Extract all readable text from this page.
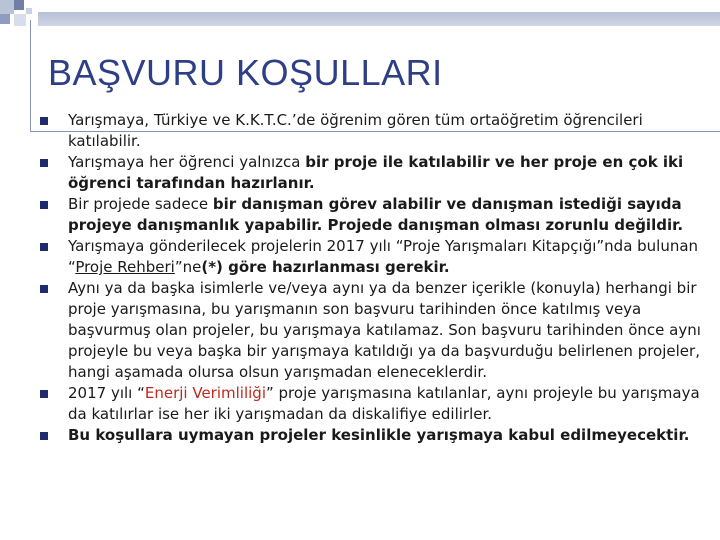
BAŞVURU KOŞULLARI
Yarışmaya, Türkiye ve K.K.T.C.’de öğrenim gören tüm ortaöğretim öğrencileri katılabilir.
Yarışmaya her öğrenci yalnızca bir proje ile katılabilir ve her proje en çok iki öğrenci tarafından hazırlanır.
Bir projede sadece bir danışman görev alabilir ve danışman istediği sayıda projeye danışmanlık yapabilir. Projede danışman olması zorunlu değildir.
Yarışmaya gönderilecek projelerin 2017 yılı “Proje Yarışmaları Kitapçığı”nda bulunan “Proje Rehberi”ne(*) göre hazırlanması gerekir.
Aynı ya da başka isimlerle ve/veya aynı ya da benzer içerikle (konuyla) herhangi bir proje yarışmasına, bu yarışmanın son başvuru tarihinden önce katılmış veya başvurmuş olan projeler, bu yarışmaya katılamaz. Son başvuru tarihinden önce aynı projeyle bu veya başka bir yarışmaya katıldığı ya da başvurduğu belirlenen projeler, hangi aşamada olursa olsun yarışmadan eleneceklerdir.
2017 yılı “Enerji Verimliliği” proje yarışmasına katılanlar, aynı projeyle bu yarışmaya da katılırlar ise her iki yarışmadan da diskalifiye edilirler.
Bu koşullara uymayan projeler kesinlikle yarışmaya kabul edilmeyecektir.
